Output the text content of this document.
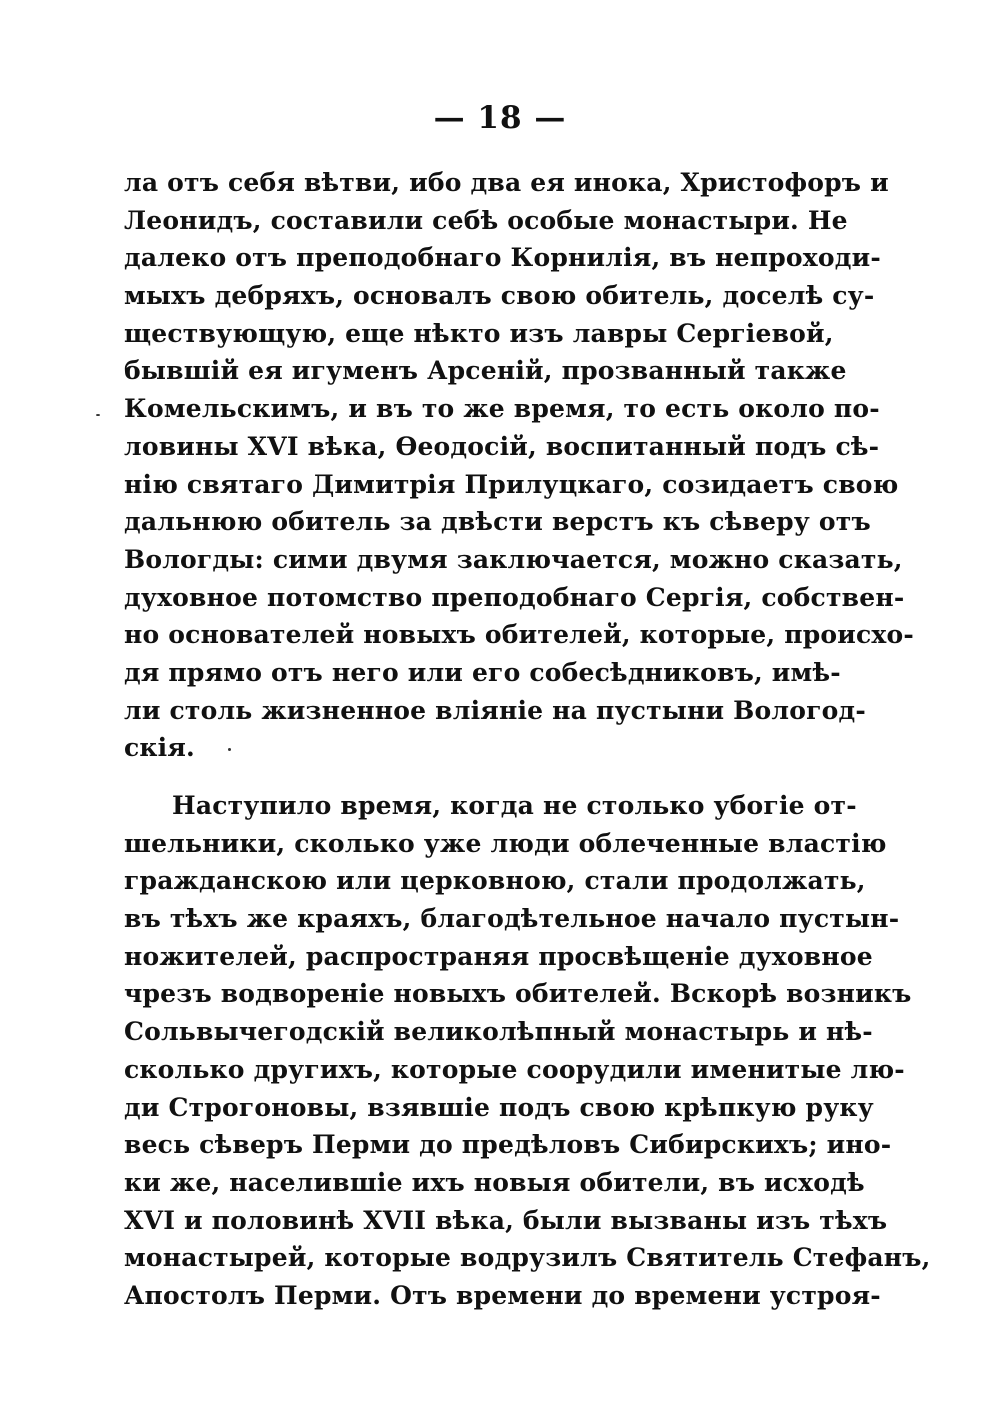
— 18 —
ла отъ себя вѣтви, ибо два ея инока, Христофоръ и
Леонидъ, составили себѣ особые монастыри. Не
далеко отъ преподобнаго Корнилія, въ непроходи-
мыхъ дебряхъ, основалъ свою обитель, доселѣ су-
ществующую, еще нѣкто изъ лавры Сергіевой,
бывшій ея игуменъ Арсеній, прозванный также
Комельскимъ, и въ то же время, то есть около по-
ловины XVI вѣка, Өеодосій, воспитанный подъ сѣ-
нію святаго Димитрія Прилуцкаго, созидаетъ свою
дальнюю обитель за двѣсти верстъ къ сѣверу отъ
Вологды: сими двумя заключается, можно сказать,
духовное потомство преподобнаго Сергія, собствен-
но основателей новыхъ обителей, которые, происхо-
дя прямо отъ него или его собесѣдниковъ, имѣ-
ли столь жизненное вліяніе на пустыни Вологод-
скія.
Наступило время, когда не столько убогіе от-
шельники, сколько уже люди облеченные властію
гражданскою или церковною, стали продолжать,
въ тѣхъ же краяхъ, благодѣтельное начало пустын-
ножителей, распространяя просвѣщеніе духовное
чрезъ водвореніе новыхъ обителей. Вскорѣ возникъ
Сольвычегодскій великолѣпный монастырь и нѣ-
сколько другихъ, которые соорудили именитые лю-
ди Строгоновы, взявшіе подъ свою крѣпкую руку
весь сѣверъ Перми до предѣловъ Сибирскихъ; ино-
ки же, населившіе ихъ новыя обители, въ исходѣ
XVI и половинѣ XVII вѣка, были вызваны изъ тѣхъ
монастырей, которые водрузилъ Святитель Стефанъ,
Апостолъ Перми. Отъ времени до времени устроя-
